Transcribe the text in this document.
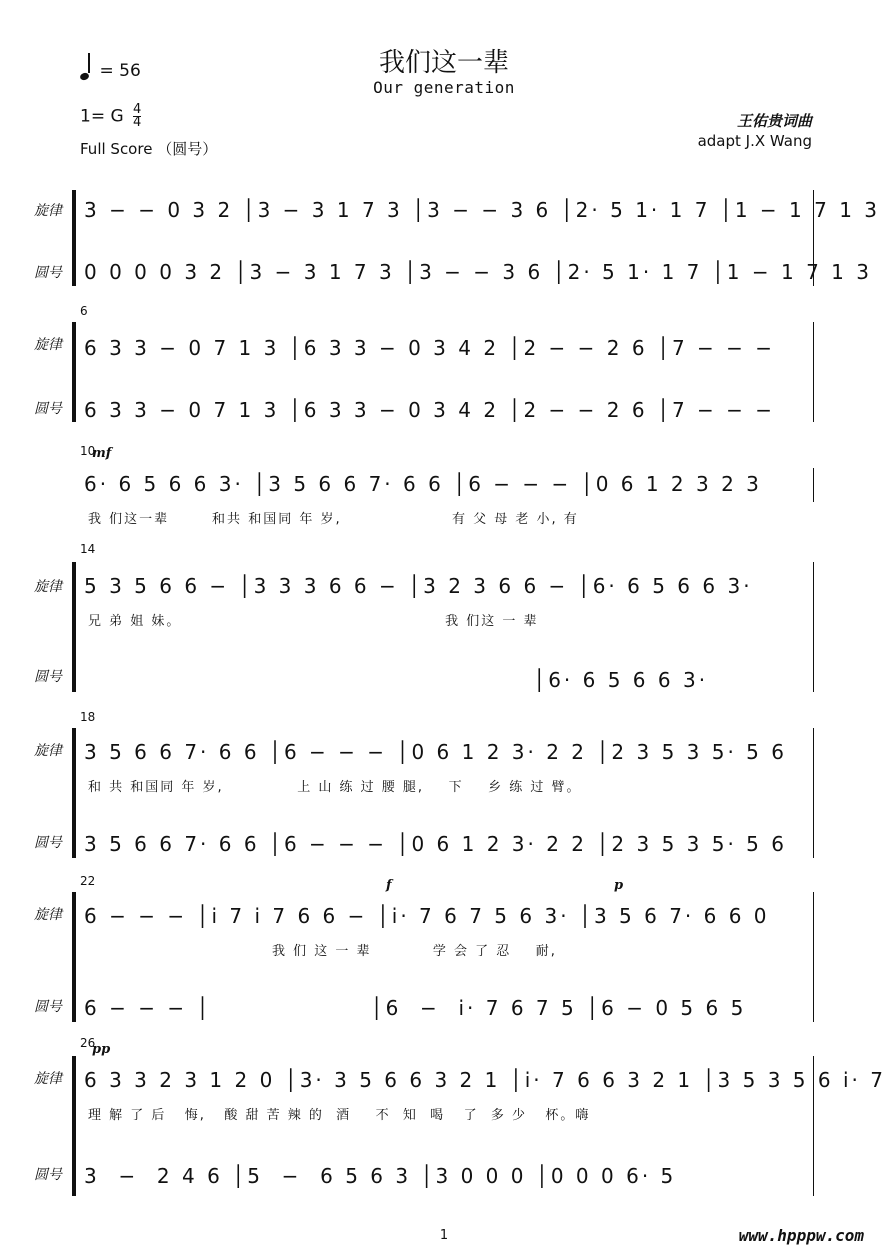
我们这一辈
Our generation
= 56
1= G $\frac{4}{4}$
Full Score （圆号）
王佑贵词曲
adapt J.X Wang
旋律
圆号
3 − − 0 3 2 │3 − 3 1 7 3 │3 − − 3 6 │2· 5 1· 1 7 │1 − 1 7 1 3
0 0 0 0 3 2 │3 − 3 1 7 3 │3 − − 3 6 │2· 5 1· 1 7 │1 − 1 7 1 3
6
旋律
圆号
6 3 3 − 0 7 1 3 │6 3 3 − 0 3 4 2 │2 − − 2 6 │7 − − −
6 3 3 − 0 7 1 3 │6 3 3 − 0 3 4 2 │2 − − 2 6 │7 − − −
10
mf
6· 6 5 6 6 3· │3 5 6 6 7· 6 6 │6 − − − │0 6 1 2 3 2 3
我 们这一辈       和共 和国同 年 岁,                  有 父 母 老 小, 有
14
旋律
圆号
5 3 5 6 6 − │3 3 3 6 6 − │3 2 3 6 6 − │6· 6 5 6 6 3·
兄 弟 姐 妹。                                           我 们这 一 辈
│6· 6 5 6 6 3·
18
旋律
圆号
3 5 6 6 7· 6 6 │6 − − − │0 6 1 2 3· 2 2 │2 3 5 3 5· 5 6
和 共 和国同 年 岁,            上 山 练 过 腰 腿,    下    乡 练 过 臂。
3 5 6 6 7· 6 6 │6 − − − │0 6 1 2 3· 2 2 │2 3 5 3 5· 5 6
22
旋律
圆号
f	p
6 − − − │i 7 i 7 6 6 − │i· 7 6 7 5 6 3· │3 5 6 7· 6 6 0
我 们 这 一 辈          学 会 了 忍    耐,
6 − − − │                 │6  −  i· 7 6 7 5 │6 − 0 5 6 5
26
pp
旋律
圆号
6 3 3 2 3 1 2 0 │3· 3 5 6 6 3 2 1 │i· 7 6 6 3 2 1 │3 5 3 5 6 i· 7
理 解 了 后   悔,   酸 甜 苦 辣 的  酒    不  知  喝   了  多 少   杯。嗨
3  −  2 4 6 │5  −  6 5 6 3 │3 0 0 0 │0 0 0 6· 5
1	www.hpppw.com
